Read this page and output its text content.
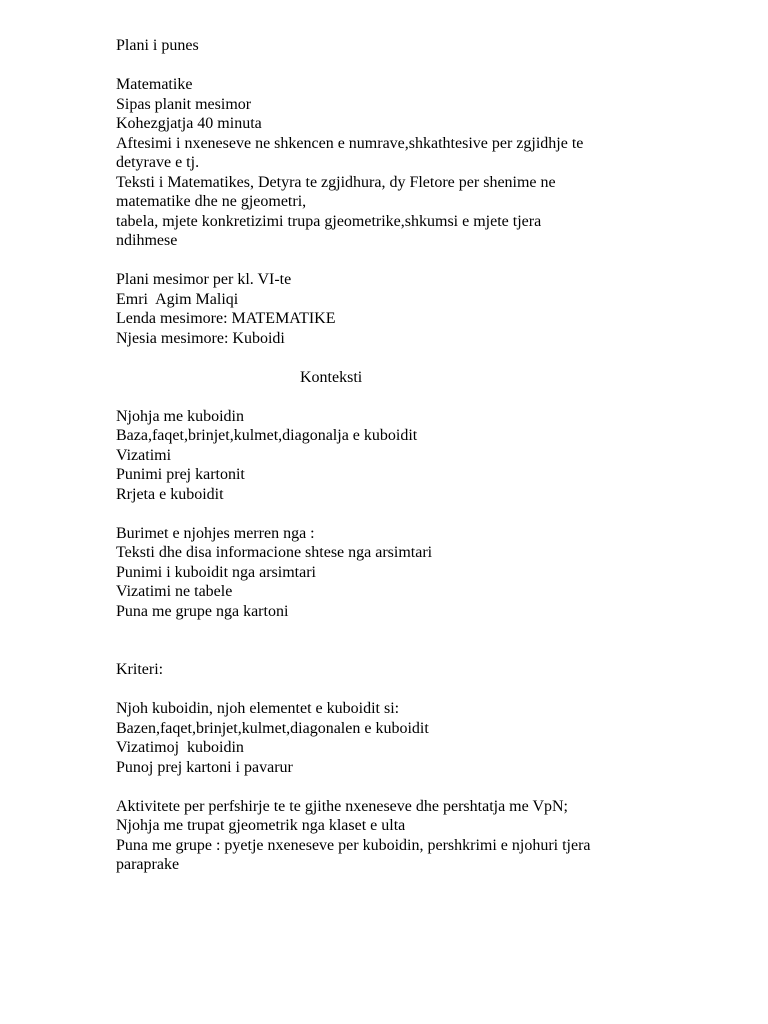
Plani i punes
Matematike
Sipas planit mesimor
Kohezgjatja 40 minuta
Aftesimi i nxeneseve ne shkencen e numrave,shkathtesive per zgjidhje te
detyrave e tj.
Teksti i Matematikes, Detyra te zgjidhura, dy Fletore per shenime ne
matematike dhe ne gjeometri,
tabela, mjete konkretizimi trupa gjeometrike,shkumsi e mjete tjera
ndihmese
Plani mesimor per kl. VI-te
Emri  Agim Maliqi
Lenda mesimore: MATEMATIKE
Njesia mesimore: Kuboidi
Konteksti
Njohja me kuboidin
Baza,faqet,brinjet,kulmet,diagonalja e kuboidit
Vizatimi
Punimi prej kartonit
Rrjeta e kuboidit
Burimet e njohjes merren nga :
Teksti dhe disa informacione shtese nga arsimtari
Punimi i kuboidit nga arsimtari
Vizatimi ne tabele
Puna me grupe nga kartoni
Kriteri:
Njoh kuboidin, njoh elementet e kuboidit si:
Bazen,faqet,brinjet,kulmet,diagonalen e kuboidit
Vizatimoj  kuboidin
Punoj prej kartoni i pavarur
Aktivitete per perfshirje te te gjithe nxeneseve dhe pershtatja me VpN;
Njohja me trupat gjeometrik nga klaset e ulta
Puna me grupe : pyetje nxeneseve per kuboidin, pershkrimi e njohuri tjera
paraprake
